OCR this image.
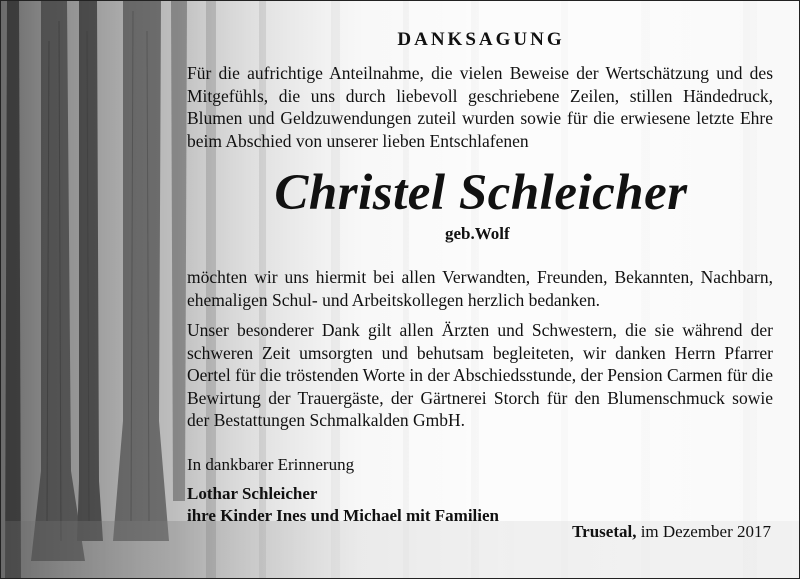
DANKSAGUNG
Für die aufrichtige Anteilnahme, die vielen Beweise der Wertschätzung und des Mitgefühls, die uns durch liebevoll geschriebene Zeilen, stillen Händedruck, Blumen und Geldzuwendungen zuteil wurden sowie für die erwiesene letzte Ehre beim Abschied von unserer lieben Entschlafenen
Christel Schleicher
geb.Wolf
möchten wir uns hiermit bei allen Verwandten, Freunden, Bekannten, Nachbarn, ehemaligen Schul- und Arbeitskollegen herzlich bedanken.
Unser besonderer Dank gilt allen Ärzten und Schwestern, die sie während der schweren Zeit umsorgten und behutsam begleiteten, wir danken Herrn Pfarrer Oertel für die tröstenden Worte in der Abschiedsstunde, der Pension Carmen für die Bewirtung der Trauergäste, der Gärtnerei Storch für den Blumenschmuck sowie der Bestattungen Schmalkalden GmbH.
In dankbarer Erinnerung
Lothar Schleicher
ihre Kinder Ines und Michael mit Familien
Trusetal, im Dezember 2017
